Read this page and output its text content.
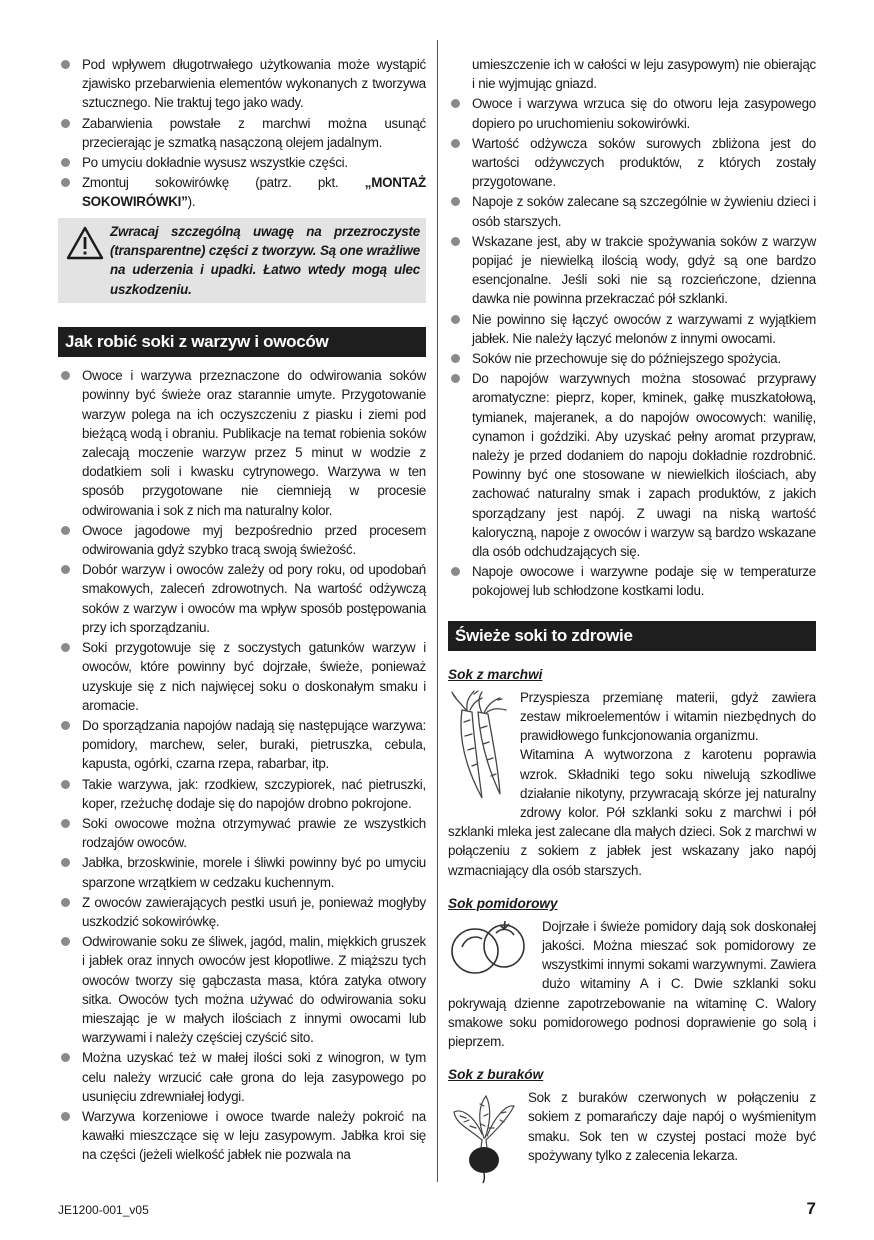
Pod wpływem długotrwałego użytkowania może wystąpić zjawisko przebarwienia elementów wykonanych z tworzywa sztucznego. Nie traktuj tego jako wady.
Zabarwienia powstałe z marchwi można usunąć przecierając je szmatką nasączoną olejem jadalnym.
Po umyciu dokładnie wysusz wszystkie części.
Zmontuj sokowirówkę (patrz. pkt. „MONTAŻ SOKOWIRÓWKI”).
Zwracaj szczególną uwagę na przezroczyste (transparentne) części z tworzyw. Są one wrażliwe na uderzenia i upadki. Łatwo wtedy mogą ulec uszkodzeniu.
Jak robić soki z warzyw i owoców
Owoce i warzywa przeznaczone do odwirowania soków powinny być świeże oraz starannie umyte. Przygotowanie warzyw polega na ich oczyszczeniu z piasku i ziemi pod bieżącą wodą i obraniu. Publikacje na temat robienia soków zalecają moczenie warzyw przez 5 minut w wodzie z dodatkiem soli i kwasku cytrynowego. Warzywa w ten sposób przygotowane nie ciemnieją w procesie odwirowania i sok z nich ma naturalny kolor.
Owoce jagodowe myj bezpośrednio przed procesem odwirowania gdyż szybko tracą swoją świeżość.
Dobór warzyw i owoców zależy od pory roku, od upodobań smakowych, zaleceń zdrowotnych. Na wartość odżywczą soków z warzyw i owoców ma wpływ sposób postępowania przy ich sporządzaniu.
Soki przygotowuje się z soczystych gatunków warzyw i owoców, które powinny być dojrzałe, świeże, ponieważ uzyskuje się z nich najwięcej soku o doskonałym smaku i aromacie.
Do sporządzania napojów nadają się następujące warzywa: pomidory, marchew, seler, buraki, pietruszka, cebula, kapusta, ogórki, czarna rzepa, rabarbar, itp.
Takie warzywa, jak: rzodkiew, szczypiorek, nać pietruszki, koper, rzeżuchę dodaje się do napojów drobno pokrojone.
Soki owocowe można otrzymywać prawie ze wszystkich rodzajów owoców.
Jabłka, brzoskwinie, morele i śliwki powinny być po umyciu sparzone wrzątkiem w cedzaku kuchennym.
Z owoców zawierających pestki usuń je, ponieważ mogłyby uszkodzić sokowirówkę.
Odwirowanie soku ze śliwek, jagód, malin, miękkich gruszek i jabłek oraz innych owoców jest kłopotliwe. Z miąższu tych owoców tworzy się gąbczasta masa, która zatyka otwory sitka. Owoców tych można używać do odwirowania soku mieszając je w małych ilościach z innymi owocami lub warzywami i należy częściej czyścić sito.
Można uzyskać też w małej ilości soki z winogron, w tym celu należy wrzucić całe grona do leja zasypowego po usunięciu zdrewniałej łodygi.
Warzywa korzeniowe i owoce twarde należy pokroić na kawałki mieszczące się w leju zasypowym. Jabłka kroi się na części (jeżeli wielkość jabłek nie pozwala na
umieszczenie ich w całości w leju zasypowym) nie obierając i nie wyjmując gniazd.
Owoce i warzywa wrzuca się do otworu leja zasypowego dopiero po uruchomieniu sokowirówki.
Wartość odżywcza soków surowych zbliżona jest do wartości odżywczych produktów, z których zostały przygotowane.
Napoje z soków zalecane są szczególnie w żywieniu dzieci i osób starszych.
Wskazane jest, aby w trakcie spożywania soków z warzyw popijać je niewielką ilością wody, gdyż są one bardzo esencjonalne. Jeśli soki nie są rozcieńczone, dzienna dawka nie powinna przekraczać pół szklanki.
Nie powinno się łączyć owoców z warzywami z wyjątkiem jabłek. Nie należy łączyć melonów z innymi owocami.
Soków nie przechowuje się do późniejszego spożycia.
Do napojów warzywnych można stosować przyprawy aromatyczne: pieprz, koper, kminek, gałkę muszkatołową, tymianek, majeranek, a do napojów owocowych: wanilię, cynamon i goździki. Aby uzyskać pełny aromat przypraw, należy je przed dodaniem do napoju dokładnie rozdrobnić. Powinny być one stosowane w niewielkich ilościach, aby zachować naturalny smak i zapach produktów, z jakich sporządzany jest napój. Z uwagi na niską wartość kaloryczną, napoje z owoców i warzyw są bardzo wskazane dla osób odchudzających się.
Napoje owocowe i warzywne podaje się w temperaturze pokojowej lub schłodzone kostkami lodu.
Świeże soki to zdrowie
Sok z marchwi
Przyspiesza przemianę materii, gdyż zawiera zestaw mikroelementów i witamin niezbędnych do prawidłowego funkcjonowania organizmu.
Witamina A wytworzona z karotenu poprawia wzrok. Składniki tego soku niwelują szkodliwe działanie nikotyny, przywracają skórze jej naturalny zdrowy kolor. Pół szklanki soku z marchwi i pół szklanki mleka jest zalecane dla małych dzieci. Sok z marchwi w połączeniu z sokiem z jabłek jest wskazany jako napój wzmacniający dla osób starszych.
Sok pomidorowy
Dojrzałe i świeże pomidory dają sok doskonałej jakości. Można mieszać sok pomidorowy ze wszystkimi innymi sokami warzywnymi. Zawiera dużo witaminy A i C. Dwie szklanki soku pokrywają dzienne zapotrzebowanie na witaminę C. Walory smakowe soku pomidorowego podnosi doprawienie go solą i pieprzem.
Sok z buraków
Sok z buraków czerwonych w połączeniu z sokiem z pomarańczy daje napój o wyśmienitym smaku. Sok ten w czystej postaci może być spożywany tylko z zalecenia lekarza.
JE1200-001_v05	7
